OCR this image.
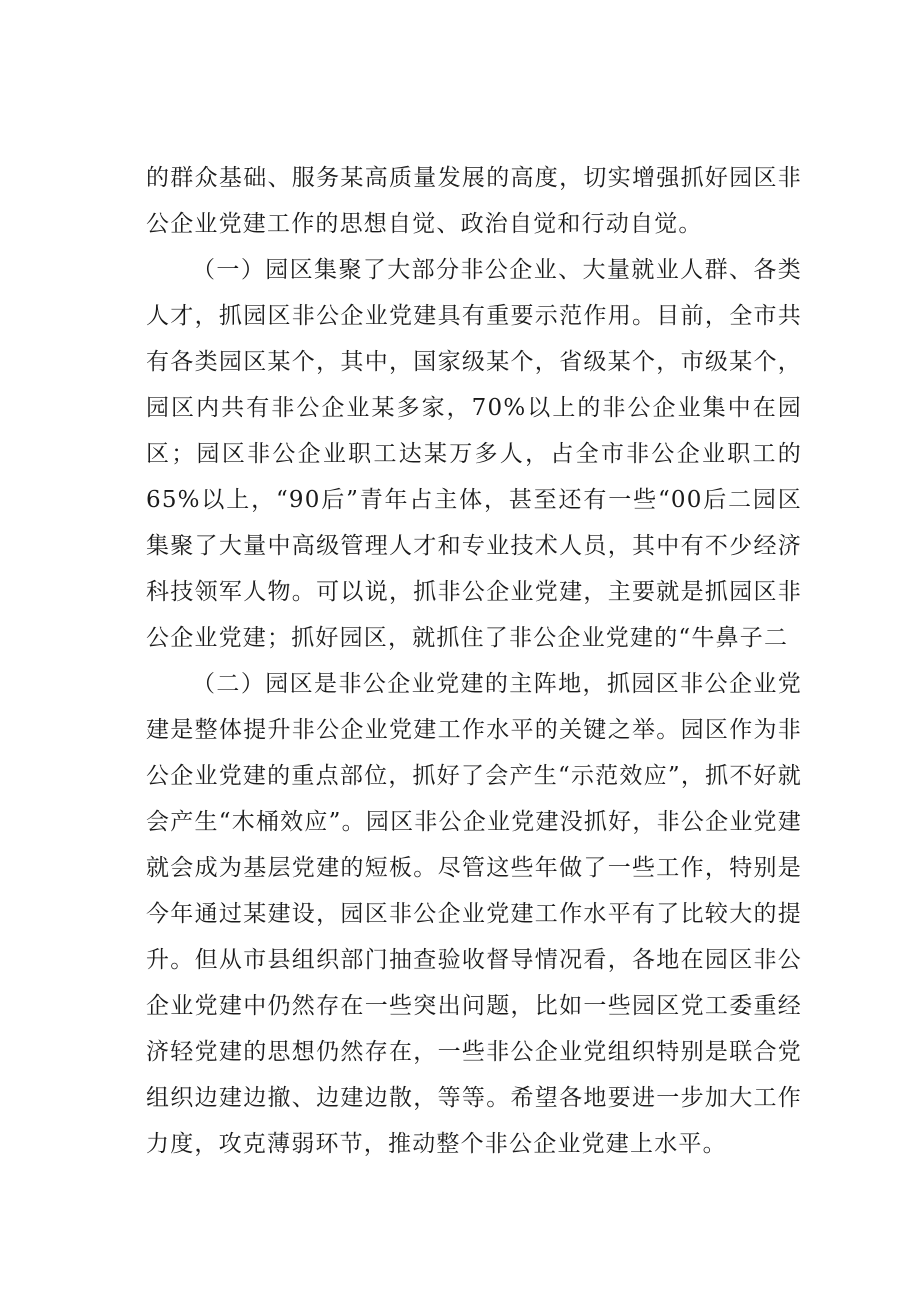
的群众基础、服务某高质量发展的高度，切实增强抓好园区非公企业党建工作的思想自觉、政治自觉和行动自觉。

（一）园区集聚了大部分非公企业、大量就业人群、各类人才，抓园区非公企业党建具有重要示范作用。目前，全市共有各类园区某个，其中，国家级某个，省级某个，市级某个，园区内共有非公企业某多家，70%以上的非公企业集中在园区；园区非公企业职工达某万多人，占全市非公企业职工的65%以上，“90后”青年占主体，甚至还有一些“00后二园区集聚了大量中高级管理人才和专业技术人员，其中有不少经济科技领军人物。可以说，抓非公企业党建，主要就是抓园区非公企业党建；抓好园区，就抓住了非公企业党建的“牛鼻子二

（二）园区是非公企业党建的主阵地，抓园区非公企业党建是整体提升非公企业党建工作水平的关键之举。园区作为非公企业党建的重点部位，抓好了会产生“示范效应”，抓不好就会产生“木桶效应”。园区非公企业党建没抓好，非公企业党建就会成为基层党建的短板。尽管这些年做了一些工作，特别是今年通过某建设，园区非公企业党建工作水平有了比较大的提升。但从市县组织部门抽查验收督导情况看，各地在园区非公企业党建中仍然存在一些突出问题，比如一些园区党工委重经济轻党建的思想仍然存在，一些非公企业党组织特别是联合党组织边建边撤、边建边散，等等。希望各地要进一步加大工作力度，攻克薄弱环节，推动整个非公企业党建上水平。
